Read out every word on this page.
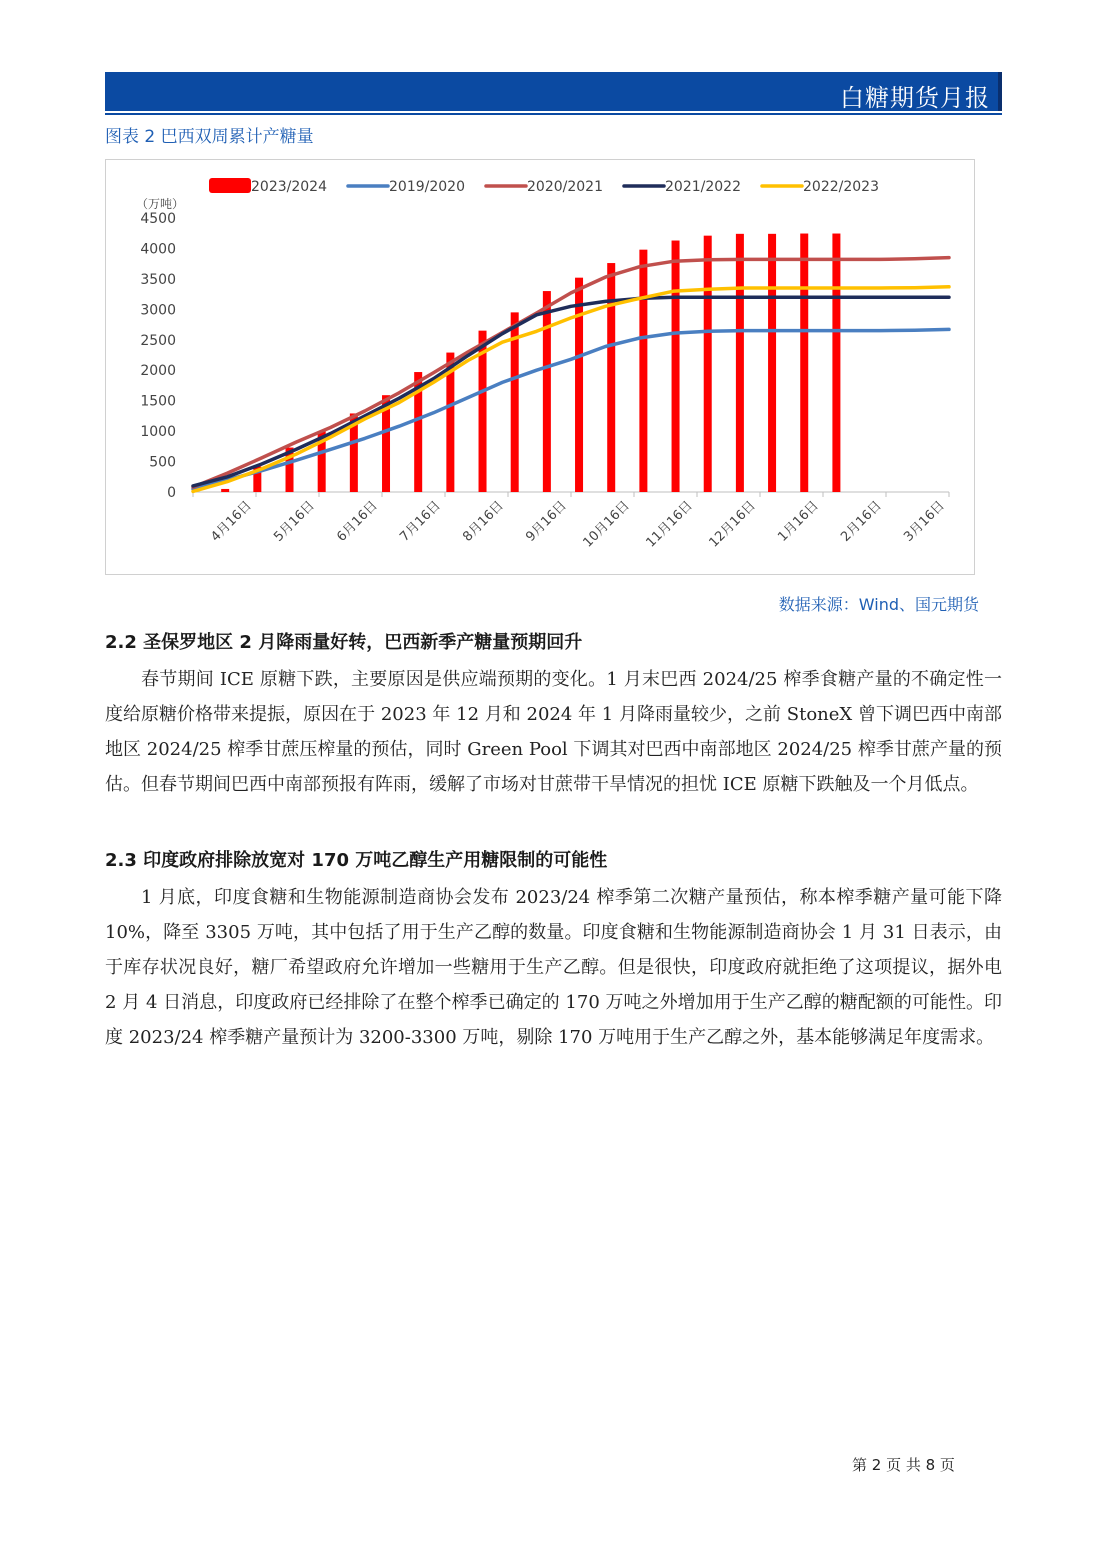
白糖期货月报
图表 2 巴西双周累计产糖量
（万吨）
0
500
1000
1500
2000
2500
3000
3500
4000
4500
4月16日 5月16日 6月16日 7月16日 8月16日 9月16日 10月16日 11月16日 12月16日 1月16日 2月16日 3月16日
2023/2024	2019/2020	2020/2021	2021/2022	2022/2023
数据来源：Wind、国元期货
2.2 圣保罗地区 2 月降雨量好转，巴西新季产糖量预期回升

春节期间 ICE 原糖下跌，主要原因是供应端预期的变化。1 月末巴西 2024/25 榨季食糖产量的不确定性一度给原糖价格带来提振，原因在于 2023 年 12 月和 2024 年 1 月降雨量较少，之前 StoneX 曾下调巴西中南部地区 2024/25 榨季甘蔗压榨量的预估，同时 Green Pool 下调其对巴西中南部地区 2024/25 榨季甘蔗产量的预估。但春节期间巴西中南部预报有阵雨，缓解了市场对甘蔗带干旱情况的担忧 ICE 原糖下跌触及一个月低点。

2.3 印度政府排除放宽对 170 万吨乙醇生产用糖限制的可能性

1 月底，印度食糖和生物能源制造商协会发布 2023/24 榨季第二次糖产量预估，称本榨季糖产量可能下降 10%，降至 3305 万吨，其中包括了用于生产乙醇的数量。印度食糖和生物能源制造商协会 1 月 31 日表示，由于库存状况良好，糖厂希望政府允许增加一些糖用于生产乙醇。但是很快，印度政府就拒绝了这项提议，据外电 2 月 4 日消息，印度政府已经排除了在整个榨季已确定的 170 万吨之外增加用于生产乙醇的糖配额的可能性。印度 2023/24 榨季糖产量预计为 3200-3300 万吨，剔除 170 万吨用于生产乙醇之外，基本能够满足年度需求。

第 2 页 共 8 页
